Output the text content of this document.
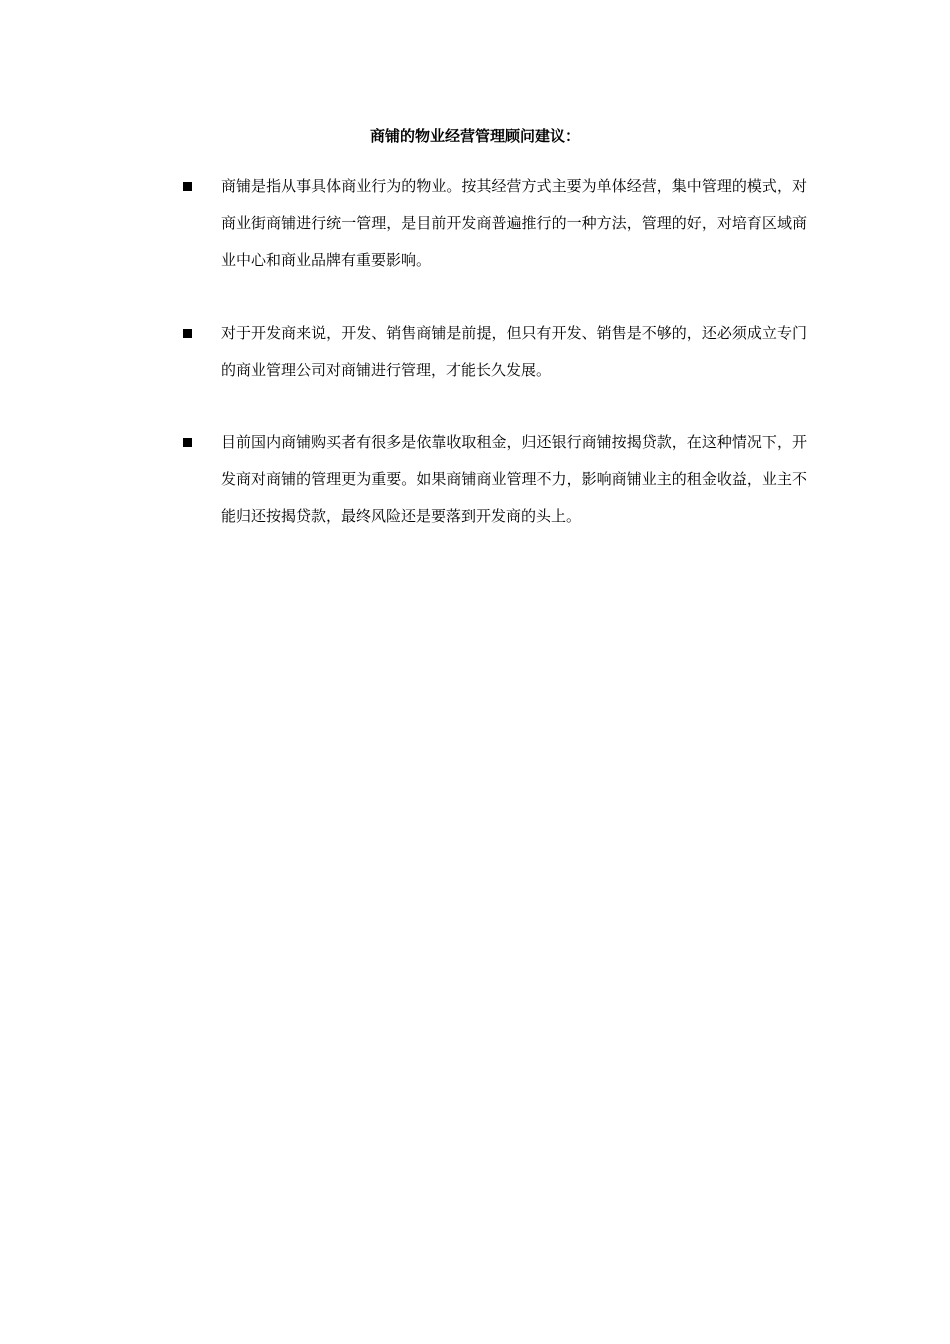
商铺的物业经营管理顾问建议：
商铺是指从事具体商业行为的物业。按其经营方式主要为单体经营，集中管理的模式，对商业街商铺进行统一管理，是目前开发商普遍推行的一种方法，管理的好，对培育区域商业中心和商业品牌有重要影响。
对于开发商来说，开发、销售商铺是前提，但只有开发、销售是不够的，还必须成立专门的商业管理公司对商铺进行管理，才能长久发展。
目前国内商铺购买者有很多是依靠收取租金，归还银行商铺按揭贷款，在这种情况下，开发商对商铺的管理更为重要。如果商铺商业管理不力，影响商铺业主的租金收益，业主不能归还按揭贷款，最终风险还是要落到开发商的头上。
